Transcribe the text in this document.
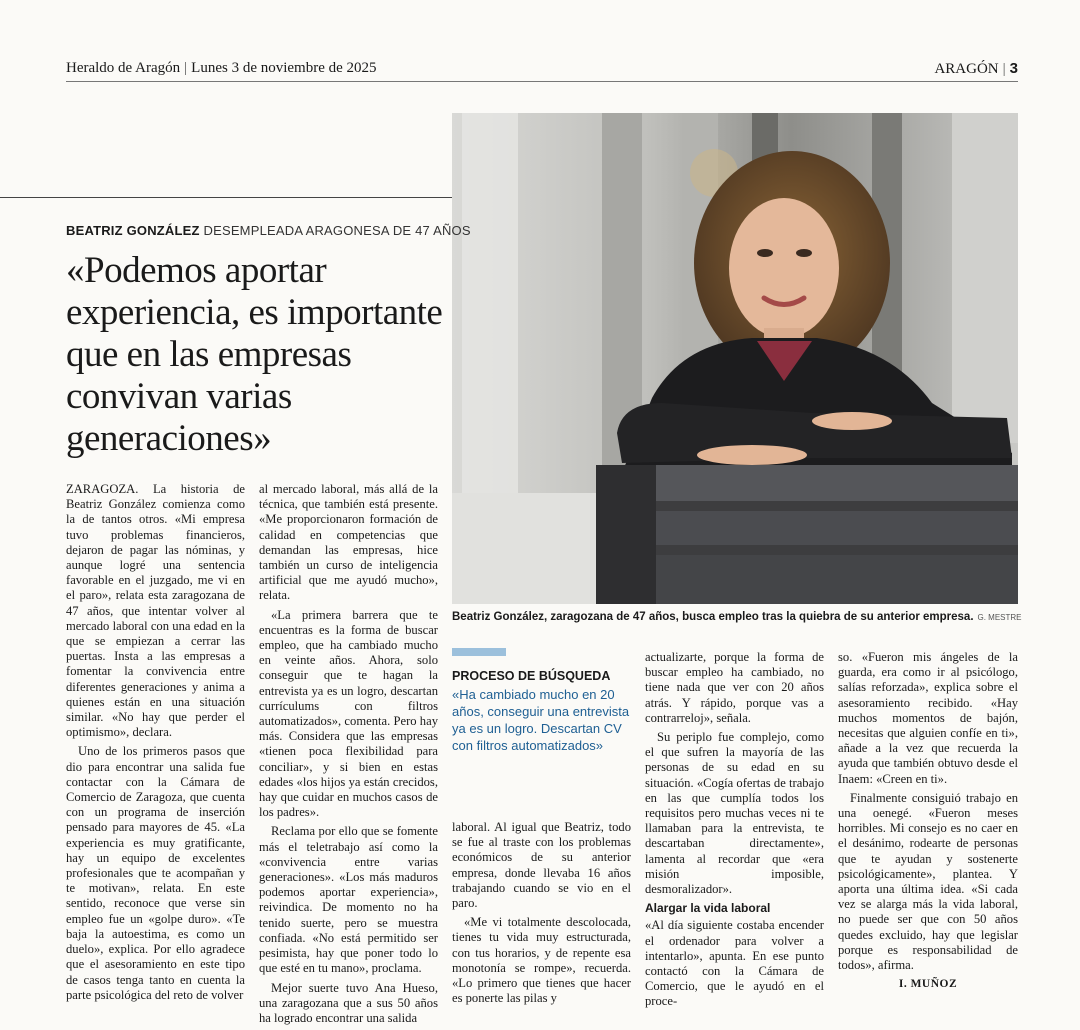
Heraldo de Aragón | Lunes 3 de noviembre de 2025	ARAGÓN | 3
Beatriz González, zaragozana de 47 años, busca empleo tras la quiebra de su anterior empresa. G. MESTRE
BEATRIZ GONZÁLEZ DESEMPLEADA ARAGONESA DE 47 AÑOS
«Podemos aportar experiencia, es importante que en las empresas convivan varias generaciones»

ZARAGOZA. La historia de Beatriz González comienza como la de tantos otros. «Mi empresa tuvo problemas financieros, dejaron de pagar las nóminas, y aunque logré una sentencia favorable en el juzgado, me vi en el paro», relata esta zaragozana de 47 años, que intentar volver al mercado laboral con una edad en la que se empiezan a cerrar las puertas. Insta a las empresas a fomentar la convivencia entre diferentes generaciones y anima a quienes están en una situación similar. «No hay que perder el optimismo», declara.

Uno de los primeros pasos que dio para encontrar una salida fue contactar con la Cámara de Comercio de Zaragoza, que cuenta con un programa de inserción pensado para mayores de 45. «La experiencia es muy gratificante, hay un equipo de excelentes profesionales que te acompañan y te motivan», relata. En este sentido, reconoce que verse sin empleo fue un «golpe duro». «Te baja la autoestima, es como un duelo», explica. Por ello agradece que el asesoramiento en este tipo de casos tenga tanto en cuenta la parte psicológica del reto de volver

al mercado laboral, más allá de la técnica, que también está presente. «Me proporcionaron formación de calidad en competencias que demandan las empresas, hice también un curso de inteligencia artificial que me ayudó mucho», relata.

«La primera barrera que te encuentras es la forma de buscar empleo, que ha cambiado mucho en veinte años. Ahora, solo conseguir que te hagan la entrevista ya es un logro, descartan currículums con filtros automatizados», comenta. Pero hay más. Considera que las empresas «tienen poca flexibilidad para conciliar», y si bien en estas edades «los hijos ya están crecidos, hay que cuidar en muchos casos de los padres».

Reclama por ello que se fomente más el teletrabajo así como la «convivencia entre varias generaciones». «Los más maduros podemos aportar experiencia», reivindica. De momento no ha tenido suerte, pero se muestra confiada. «No está permitido ser pesimista, hay que poner todo lo que esté en tu mano», proclama.

Mejor suerte tuvo Ana Hueso, una zaragozana que a sus 50 años ha logrado encontrar una salida

PROCESO DE BÚSQUEDA
«Ha cambiado mucho en 20 años, conseguir una entrevista ya es un logro. Descartan CV con filtros automatizados»

laboral. Al igual que Beatriz, todo se fue al traste con los problemas económicos de su anterior empresa, donde llevaba 16 años trabajando cuando se vio en el paro.

«Me vi totalmente descolocada, tienes tu vida muy estructurada, con tus horarios, y de repente esa monotonía se rompe», recuerda. «Lo primero que tienes que hacer es ponerte las pilas y

actualizarte, porque la forma de buscar empleo ha cambiado, no tiene nada que ver con 20 años atrás. Y rápido, porque vas a contrarreloj», señala.

Su periplo fue complejo, como el que sufren la mayoría de las personas de su edad en su situación. «Cogía ofertas de trabajo en las que cumplía todos los requisitos pero muchas veces ni te llamaban para la entrevista, te descartaban directamente», lamenta al recordar que «era misión imposible, desmoralizador».

Alargar la vida laboral

«Al día siguiente costaba encender el ordenador para volver a intentarlo», apunta. En ese punto contactó con la Cámara de Comercio, que le ayudó en el proce-

so. «Fueron mis ángeles de la guarda, era como ir al psicólogo, salías reforzada», explica sobre el asesoramiento recibido. «Hay muchos momentos de bajón, necesitas que alguien confíe en ti», añade a la vez que recuerda la ayuda que también obtuvo desde el Inaem: «Creen en ti».

Finalmente consiguió trabajo en una oenegé. «Fueron meses horribles. Mi consejo es no caer en el desánimo, rodearte de personas que te ayudan y sostenerte psicológicamente», plantea. Y aporta una última idea. «Si cada vez se alarga más la vida laboral, no puede ser que con 50 años quedes excluido, hay que legislar porque es responsabilidad de todos», afirma.

I. MUÑOZ
